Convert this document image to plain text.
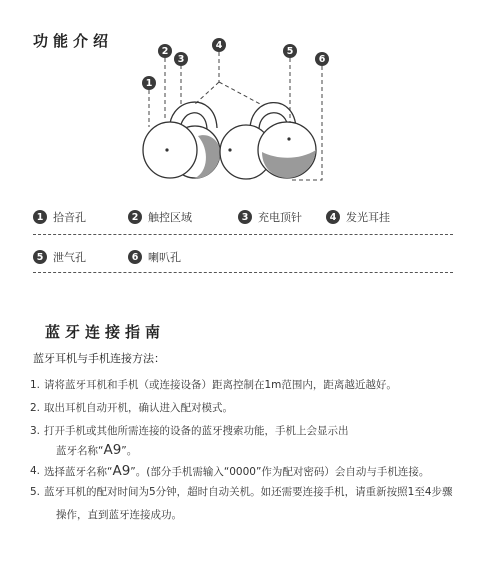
功能介绍
1
2
3
4
5
6
1 拾音孔	2 触控区域	3 充电顶针	4 发光耳挂
5 泄气孔	6 喇叭孔
蓝牙连接指南
蓝牙耳机与手机连接方法：
1. 请将蓝牙耳机和手机（或连接设备）距离控制在1m范围内，距离越近越好。
2. 取出耳机自动开机，确认进入配对模式。
3. 打开手机或其他所需连接的设备的蓝牙搜索功能，手机上会显示出
蓝牙名称“A9”。
4. 选择蓝牙名称“A9”。(部分手机需输入“0000”作为配对密码）会自动与手机连接。
5. 蓝牙耳机的配对时间为5分钟，超时自动关机。如还需要连接手机，请重新按照1至4步骤
操作，直到蓝牙连接成功。
